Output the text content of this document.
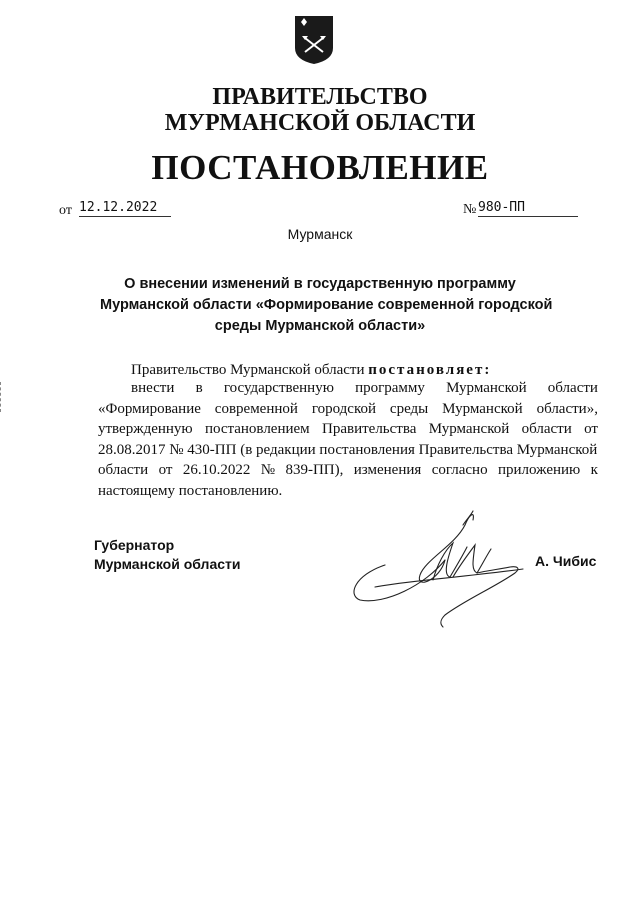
ПРАВИТЕЛЬСТВО
МУРМАНСКОЙ ОБЛАСТИ
ПОСТАНОВЛЕНИЕ
от 12.12.2022	№ 980-ПП
Мурманск
О внесении изменений в государственную программу
Мурманской области «Формирование современной городской
среды Мурманской области»
Правительство Мурманской области постановляет:
внести в государственную программу Мурманской области
«Формирование современной городской среды Мурманской области»,
утвержденную постановлением Правительства Мурманской области от
28.08.2017 № 430-ПП (в редакции постановления Правительства Мурманской
области от 26.10.2022 № 839-ПП), изменения согласно приложению к
настоящему постановлению.
Губернатор
Мурманской области	А. Чибис
